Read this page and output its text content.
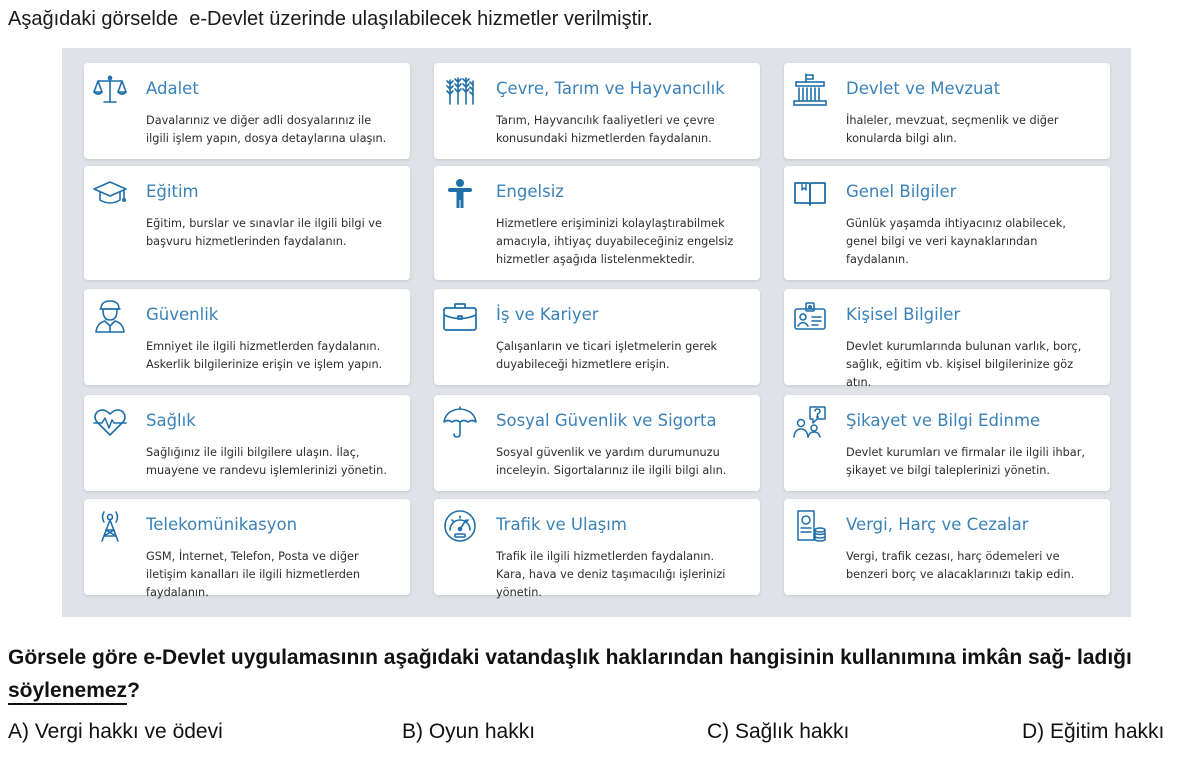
Aşağıdaki görselde  e-Devlet üzerinde ulaşılabilecek hizmetler verilmiştir.
Adalet
Davalarınız ve diğer adli dosyalarınız ile ilgili işlem yapın, dosya detaylarına ulaşın.
Çevre, Tarım ve Hayvancılık
Tarım, Hayvancılık faaliyetleri ve çevre konusundaki hizmetlerden faydalanın.
Devlet ve Mevzuat
İhaleler, mevzuat, seçmenlik ve diğer konularda bilgi alın.
Eğitim
Eğitim, burslar ve sınavlar ile ilgili bilgi ve başvuru hizmetlerinden faydalanın.
Engelsiz
Hizmetlere erişiminizi kolaylaştırabilmek amacıyla, ihtiyaç duyabileceğiniz engelsiz hizmetler aşağıda listelenmektedir.
Genel Bilgiler
Günlük yaşamda ihtiyacınız olabilecek, genel bilgi ve veri kaynaklarından faydalanın.
Güvenlik
Emniyet ile ilgili hizmetlerden faydalanın. Askerlik bilgilerinize erişin ve işlem yapın.
İş ve Kariyer
Çalışanların ve ticari işletmelerin gerek duyabileceği hizmetlere erişin.
Kişisel Bilgiler
Devlet kurumlarında bulunan varlık, borç, sağlık, eğitim vb. kişisel bilgilerinize göz atın.
Sağlık
Sağlığınız ile ilgili bilgilere ulaşın. İlaç, muayene ve randevu işlemlerinizi yönetin.
Sosyal Güvenlik ve Sigorta
Sosyal güvenlik ve yardım durumunuzu inceleyin. Sigortalarınız ile ilgili bilgi alın.
Şikayet ve Bilgi Edinme
Devlet kurumları ve firmalar ile ilgili ihbar, şikayet ve bilgi taleplerinizi yönetin.
Telekomünikasyon
GSM, İnternet, Telefon, Posta ve diğer iletişim kanalları ile ilgili hizmetlerden faydalanın.
Trafik ve Ulaşım
Trafik ile ilgili hizmetlerden faydalanın. Kara, hava ve deniz taşımacılığı işlerinizi yönetin.
Vergi, Harç ve Cezalar
Vergi, trafik cezası, harç ödemeleri ve benzeri borç ve alacaklarınızı takip edin.
Görsele göre e-Devlet uygulamasının aşağıdaki vatandaşlık haklarından hangisinin kullanımına imkân sağ- ladığı söylenemez?
A) Vergi hakkı ve ödevi	B) Oyun hakkı	C) Sağlık hakkı	D) Eğitim hakkı
